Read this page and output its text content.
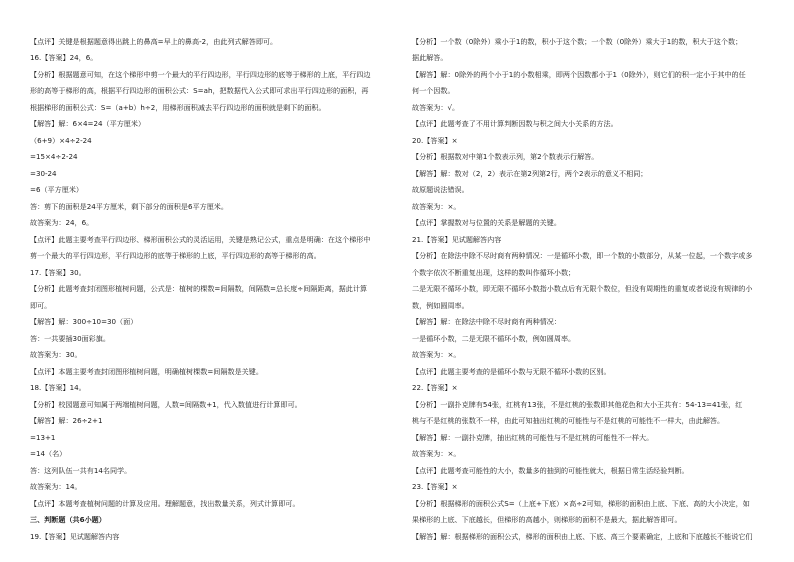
【点评】关键是根据题意得出跳上的鼻高=早上的鼻高-2，由此列式解答即可。
16.【答案】24，6。
【分析】根据题意可知，在这个梯形中剪一个最大的平行四边形，平行四边形的底等于梯形的上底，平行四边
形的高等于梯形的高，根据平行四边形的面积公式：S=ah，把数据代入公式即可求出平行四边形的面积，再
根据梯形的面积公式：S=（a+b）h÷2，用梯形面积减去平行四边形的面积就是剩下的面积。
【解答】解：6×4=24（平方厘米）
（6+9）×4÷2-24
=15×4÷2-24
=30-24
=6（平方厘米）
答：剪下的面积是24平方厘米，剩下部分的面积是6平方厘米。
故答案为：24，6。
【点评】此题主要考查平行四边形、梯形面积公式的灵活运用，关键是熟记公式，重点是明确：在这个梯形中
剪一个最大的平行四边形，平行四边形的底等于梯形的上底，平行四边形的高等于梯形的高。
17.【答案】30。
【分析】此题考查封闭图形植树问题，公式是：植树的棵数=间隔数，间隔数=总长度÷间隔距离，据此计算
即可。
【解答】解：300÷10=30（面）
答：一共要插30面彩旗。
故答案为：30。
【点评】本题主要考查封闭图形植树问题，明确植树棵数=间隔数是关键。
18.【答案】14。
【分析】校园题意可知属于两端植树问题，人数=间隔数+1，代入数值进行计算即可。
【解答】解：26÷2+1
=13+1
=14（名）
答：这列队伍一共有14名同学。
故答案为：14。
【点评】本题考查植树问题的计算及应用。理解题意，找出数量关系，列式计算即可。
三、判断题（共6小题）
19.【答案】见试题解答内容
【分析】一个数（0除外）乘小于1的数，积小于这个数；一个数（0除外）乘大于1的数，积大于这个数；
据此解答。
【解答】解：0除外的两个小于1的小数相乘，即两个因数都小于1（0除外），则它们的积一定小于其中的任
何一个因数。
故答案为：√。
【点评】此题考查了不用计算判断因数与积之间大小关系的方法。
20.【答案】×
【分析】根据数对中第1个数表示列，第2个数表示行解答。
【解答】解：数对（2，2）表示在第2列第2行，两个2表示的意义不相同；
故原题说法错误。
故答案为：×。
【点评】掌握数对与位置的关系是解题的关键。
21.【答案】见试题解答内容
【分析】在除法中除不尽时商有两种情况：一是循环小数，即一个数的小数部分，从某一位起，一个数字或多
个数字依次不断重复出现，这样的数叫作循环小数；
二是无限不循环小数，即无限不循环小数指小数点后有无限个数位，但没有周期性的重复或者说没有规律的小
数，例如圆周率。
【解答】解：在除法中除不尽时商有两种情况：
一是循环小数，二是无限不循环小数，例如圆周率。
故答案为：×。
【点评】此题主要考查的是循环小数与无限不循环小数的区别。
22.【答案】×
【分析】一副扑克牌有54张，红桃有13张，不是红桃的张数即其他花色和大小王共有：54-13=41张，红
桃与不是红桃的张数不一样，由此可知抽出红桃的可能性与不是红桃的可能性不一样大，由此解答。
【解答】解：一副扑克牌，抽出红桃的可能性与不是红桃的可能性不一样大。
故答案为：×。
【点评】此题考查可能性的大小，数量多的抽到的可能性就大，根据日常生活经验判断。
23.【答案】×
【分析】根据梯形的面积公式S=（上底+下底）×高÷2可知，梯形的面积由上底、下底、高的大小决定，如
果梯形的上底、下底越长，但梯形的高越小，则梯形的面积不是最大，据此解答即可。
【解答】解：根据梯形的面积公式，梯形的面积由上底、下底、高三个要素确定，上底和下底越长不能说它们
